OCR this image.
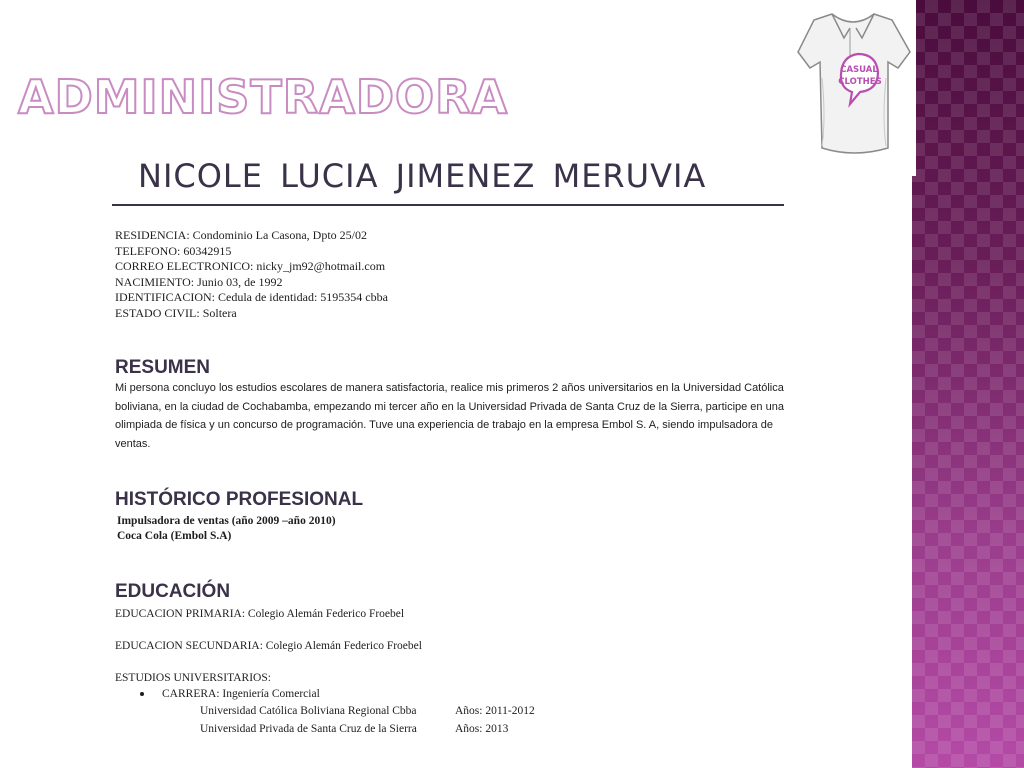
ADMINISTRADORA	CASUAL
CLOTHES
NICOLE LUCIA JIMENEZ MERUVIA
RESIDENCIA: Condominio La Casona, Dpto 25/02
TELEFONO: 60342915
CORREO ELECTRONICO: nicky_jm92@hotmail.com
NACIMIENTO: Junio 03, de 1992
IDENTIFICACION: Cedula de identidad: 5195354 cbba
ESTADO CIVIL: Soltera
RESUMEN

Mi persona concluyo los estudios escolares de manera satisfactoria, realice mis primeros 2 años universitarios en la Universidad Católica boliviana, en la ciudad de Cochabamba, empezando mi tercer año en la Universidad Privada de Santa Cruz de la Sierra, participe en una olimpiada de física y un concurso de programación. Tuve una experiencia de trabajo en la empresa Embol S. A, siendo impulsadora de ventas.

HISTÓRICO PROFESIONAL
Impulsadora de ventas (año 2009 –año 2010)
Coca Cola (Embol S.A)
EDUCACIÓN
EDUCACION PRIMARIA: Colegio Alemán Federico Froebel
EDUCACION SECUNDARIA: Colegio Alemán Federico Froebel
ESTUDIOS UNIVERSITARIOS:
CARRERA: Ingeniería Comercial
Universidad Católica Boliviana Regional Cbba	Años: 2011-2012
Universidad Privada de Santa Cruz de la Sierra	Años: 2013
